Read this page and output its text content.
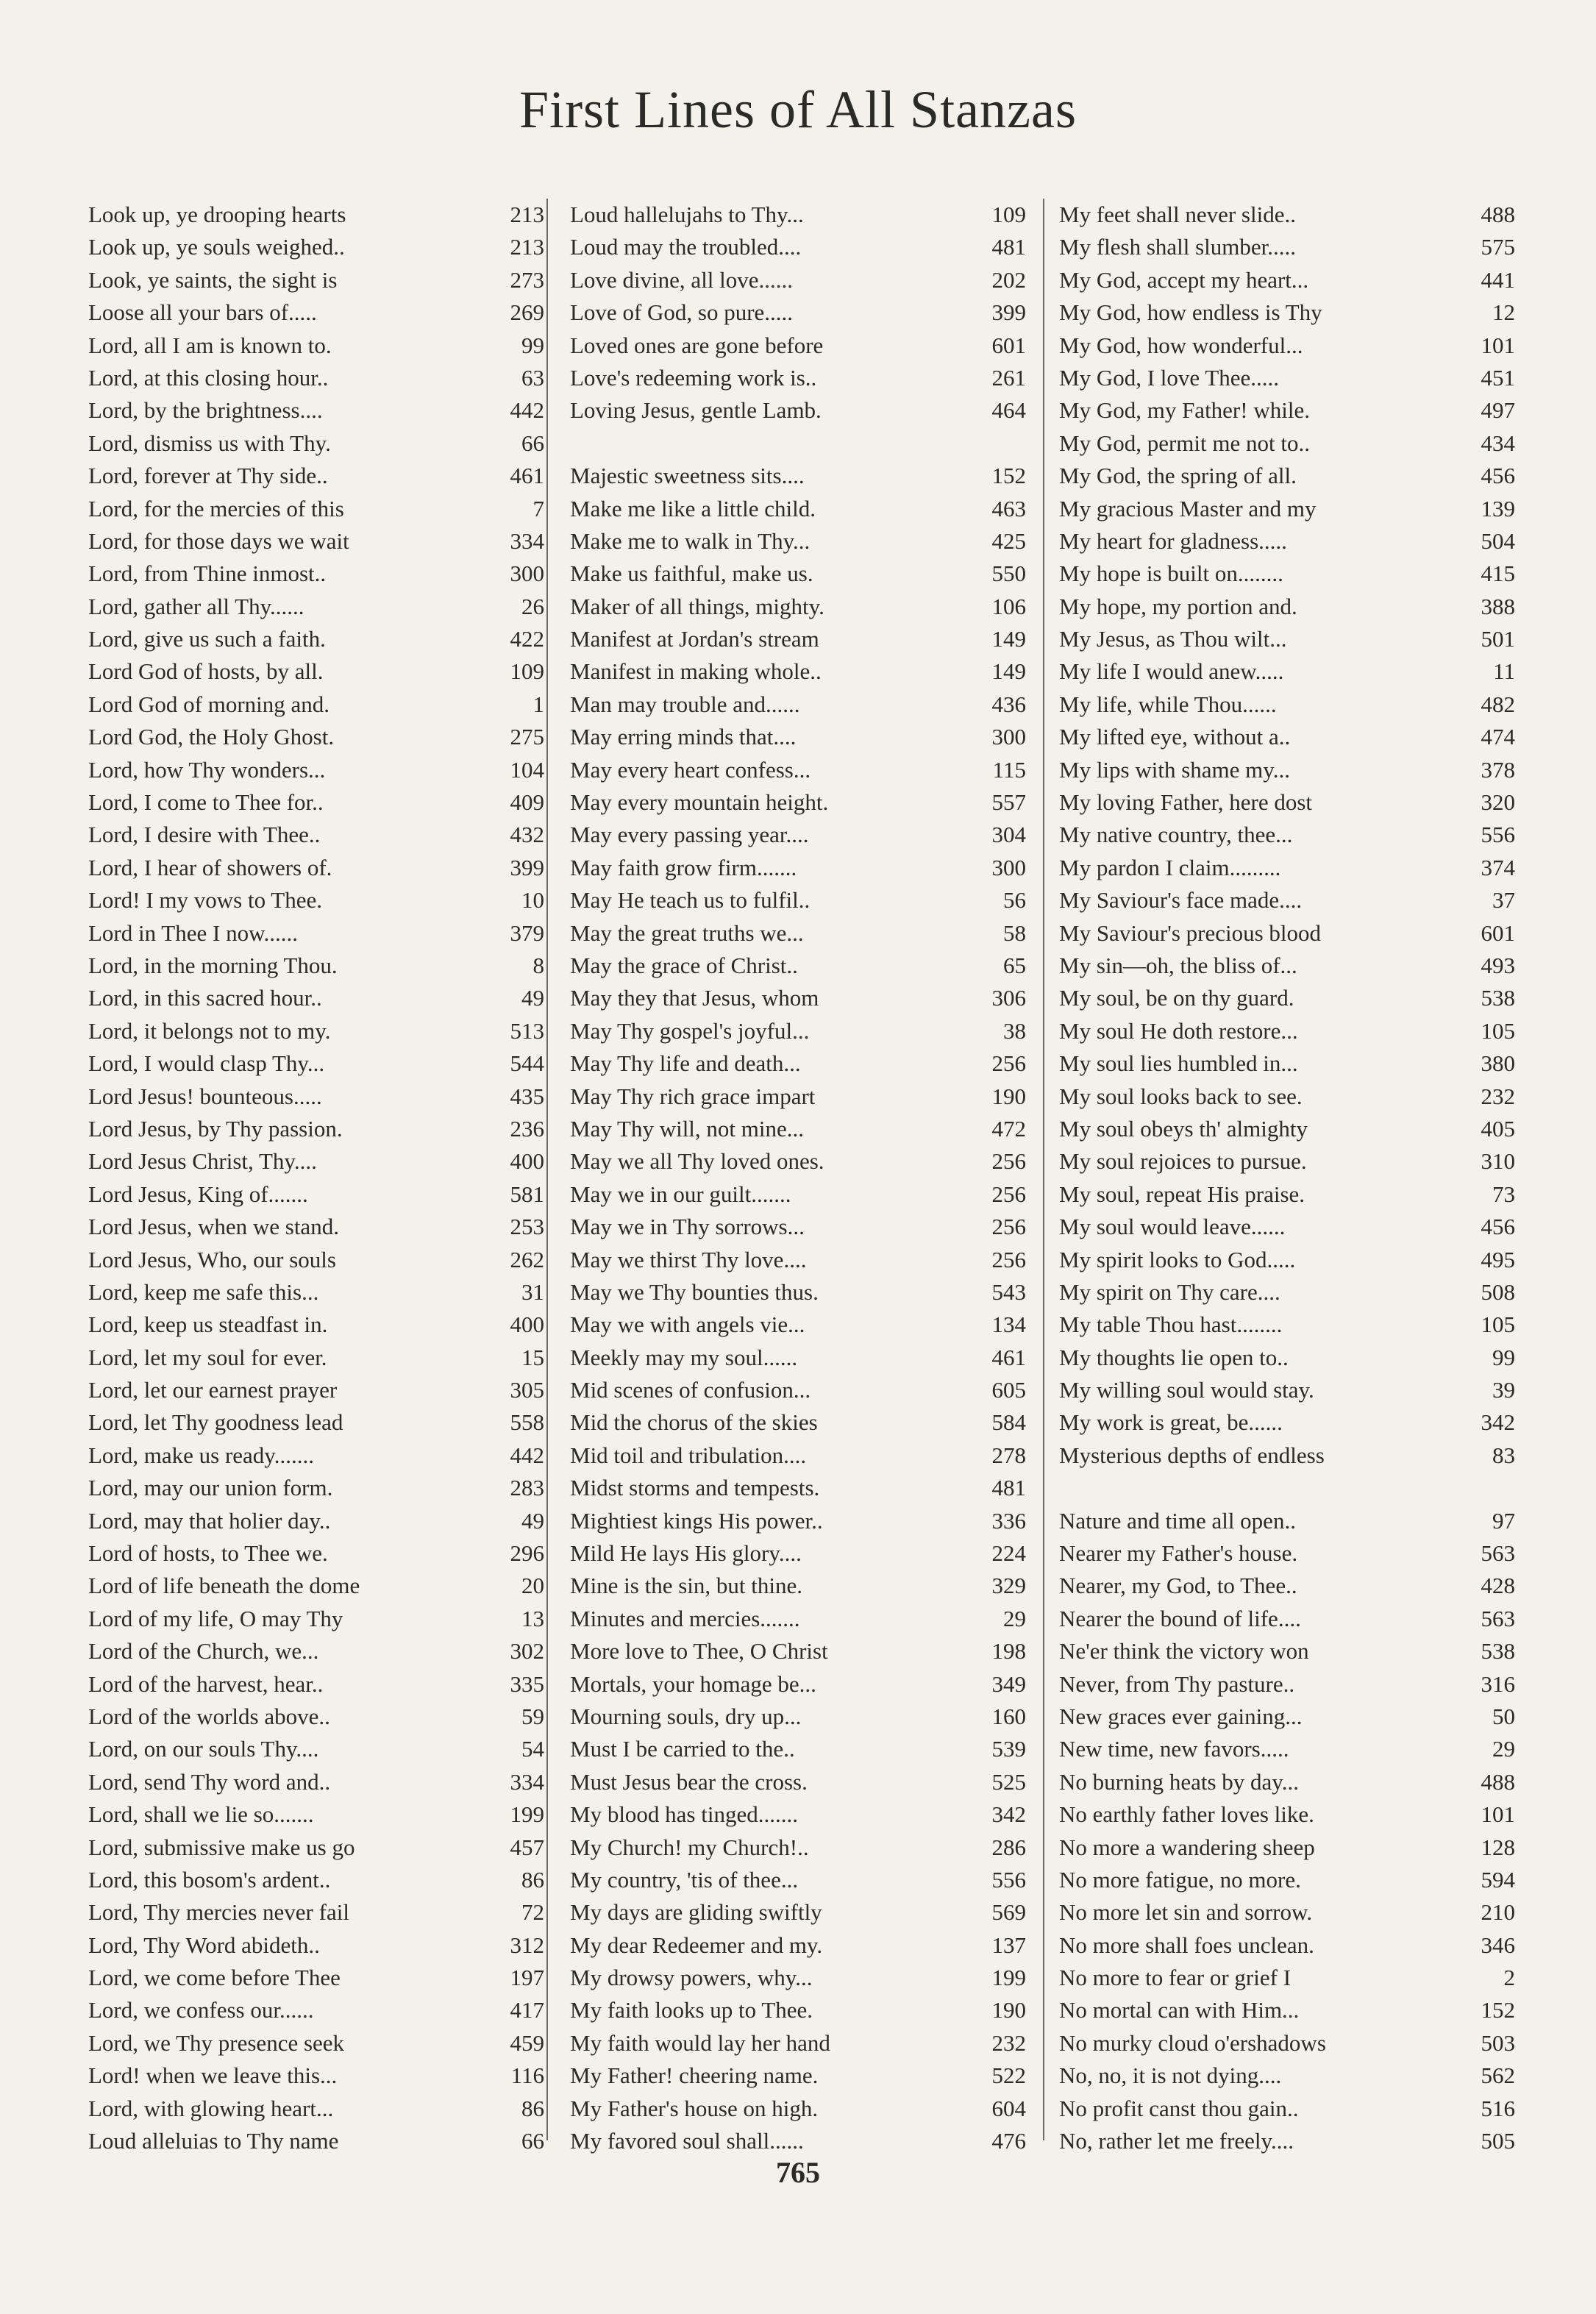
First Lines of All Stanzas
Look up, ye drooping hearts	213
Look up, ye souls weighed..	213
Look, ye saints, the sight is	273
Loose all your bars of.....	269
Lord, all I am is known to.	99
Lord, at this closing hour..	63
Lord, by the brightness....	442
Lord, dismiss us with Thy.	66
Lord, forever at Thy side..	461
Lord, for the mercies of this	7
Lord, for those days we wait	334
Lord, from Thine inmost..	300
Lord, gather all Thy......	26
Lord, give us such a faith.	422
Lord God of hosts, by all.	109
Lord God of morning and.	1
Lord God, the Holy Ghost.	275
Lord, how Thy wonders...	104
Lord, I come to Thee for..	409
Lord, I desire with Thee..	432
Lord, I hear of showers of.	399
Lord! I my vows to Thee.	10
Lord in Thee I now......	379
Lord, in the morning Thou.	8
Lord, in this sacred hour..	49
Lord, it belongs not to my.	513
Lord, I would clasp Thy...	544
Lord Jesus! bounteous.....	435
Lord Jesus, by Thy passion.	236
Lord Jesus Christ, Thy....	400
Lord Jesus, King of.......	581
Lord Jesus, when we stand.	253
Lord Jesus, Who, our souls	262
Lord, keep me safe this...	31
Lord, keep us steadfast in.	400
Lord, let my soul for ever.	15
Lord, let our earnest prayer	305
Lord, let Thy goodness lead	558
Lord, make us ready.......	442
Lord, may our union form.	283
Lord, may that holier day..	49
Lord of hosts, to Thee we.	296
Lord of life beneath the dome	20
Lord of my life, O may Thy	13
Lord of the Church, we...	302
Lord of the harvest, hear..	335
Lord of the worlds above..	59
Lord, on our souls Thy....	54
Lord, send Thy word and..	334
Lord, shall we lie so.......	199
Lord, submissive make us go	457
Lord, this bosom's ardent..	86
Lord, Thy mercies never fail	72
Lord, Thy Word abideth..	312
Lord, we come before Thee	197
Lord, we confess our......	417
Lord, we Thy presence seek	459
Lord! when we leave this...	116
Lord, with glowing heart...	86
Loud alleluias to Thy name	66
Loud hallelujahs to Thy...	109
Loud may the troubled....	481
Love divine, all love......	202
Love of God, so pure.....	399
Loved ones are gone before	601
Love's redeeming work is..	261
Loving Jesus, gentle Lamb.	464
Majestic sweetness sits....	152
Make me like a little child.	463
Make me to walk in Thy...	425
Make us faithful, make us.	550
Maker of all things, mighty.	106
Manifest at Jordan's stream	149
Manifest in making whole..	149
Man may trouble and......	436
May erring minds that....	300
May every heart confess...	115
May every mountain height.	557
May every passing year....	304
May faith grow firm.......	300
May He teach us to fulfil..	56
May the great truths we...	58
May the grace of Christ..	65
May they that Jesus, whom	306
May Thy gospel's joyful...	38
May Thy life and death...	256
May Thy rich grace impart	190
May Thy will, not mine...	472
May we all Thy loved ones.	256
May we in our guilt.......	256
May we in Thy sorrows...	256
May we thirst Thy love....	256
May we Thy bounties thus.	543
May we with angels vie...	134
Meekly may my soul......	461
Mid scenes of confusion...	605
Mid the chorus of the skies	584
Mid toil and tribulation....	278
Midst storms and tempests.	481
Mightiest kings His power..	336
Mild He lays His glory....	224
Mine is the sin, but thine.	329
Minutes and mercies.......	29
More love to Thee, O Christ	198
Mortals, your homage be...	349
Mourning souls, dry up...	160
Must I be carried to the..	539
Must Jesus bear the cross.	525
My blood has tinged.......	342
My Church! my Church!..	286
My country, 'tis of thee...	556
My days are gliding swiftly	569
My dear Redeemer and my.	137
My drowsy powers, why...	199
My faith looks up to Thee.	190
My faith would lay her hand	232
My Father! cheering name.	522
My Father's house on high.	604
My favored soul shall......	476
My feet shall never slide..	488
My flesh shall slumber.....	575
My God, accept my heart...	441
My God, how endless is Thy	12
My God, how wonderful...	101
My God, I love Thee.....	451
My God, my Father! while.	497
My God, permit me not to..	434
My God, the spring of all.	456
My gracious Master and my	139
My heart for gladness.....	504
My hope is built on........	415
My hope, my portion and.	388
My Jesus, as Thou wilt...	501
My life I would anew.....	11
My life, while Thou......	482
My lifted eye, without a..	474
My lips with shame my...	378
My loving Father, here dost	320
My native country, thee...	556
My pardon I claim.........	374
My Saviour's face made....	37
My Saviour's precious blood	601
My sin—oh, the bliss of...	493
My soul, be on thy guard.	538
My soul He doth restore...	105
My soul lies humbled in...	380
My soul looks back to see.	232
My soul obeys th' almighty	405
My soul rejoices to pursue.	310
My soul, repeat His praise.	73
My soul would leave......	456
My spirit looks to God.....	495
My spirit on Thy care....	508
My table Thou hast........	105
My thoughts lie open to..	99
My willing soul would stay.	39
My work is great, be......	342
Mysterious depths of endless	83
Nature and time all open..	97
Nearer my Father's house.	563
Nearer, my God, to Thee..	428
Nearer the bound of life....	563
Ne'er think the victory won	538
Never, from Thy pasture..	316
New graces ever gaining...	50
New time, new favors.....	29
No burning heats by day...	488
No earthly father loves like.	101
No more a wandering sheep	128
No more fatigue, no more.	594
No more let sin and sorrow.	210
No more shall foes unclean.	346
No more to fear or grief I	2
No mortal can with Him...	152
No murky cloud o'ershadows	503
No, no, it is not dying....	562
No profit canst thou gain..	516
No, rather let me freely....	505
765
